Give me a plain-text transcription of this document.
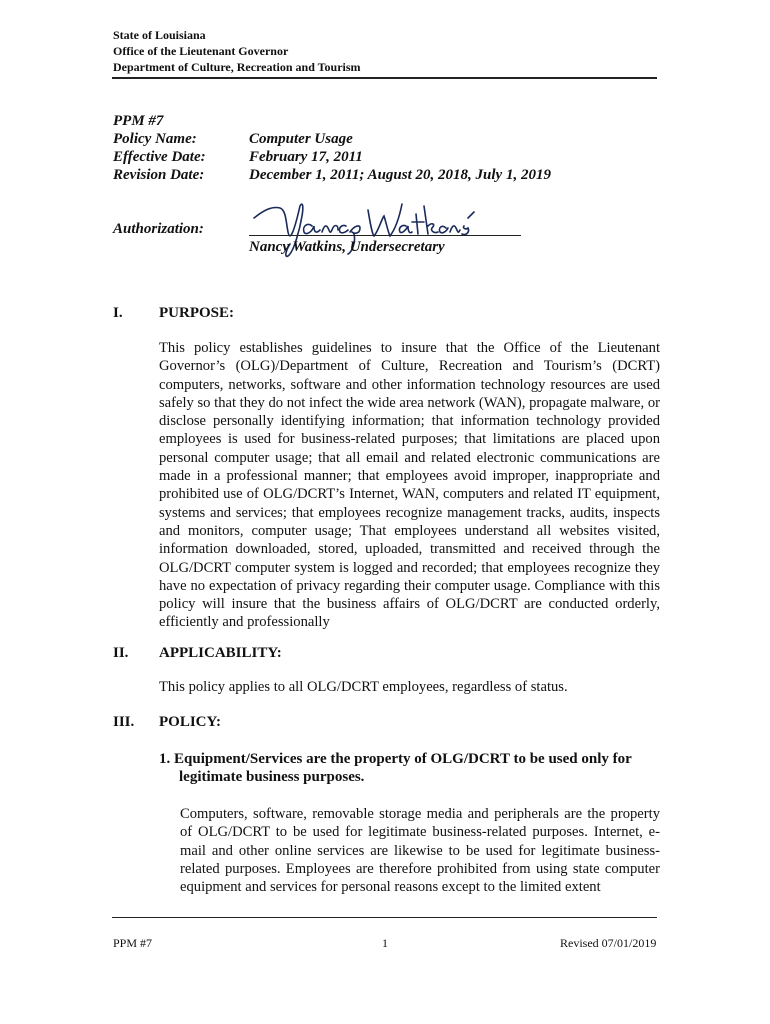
State of Louisiana
Office of the Lieutenant Governor
Department of Culture, Recreation and Tourism
PPM #7
Policy Name:	Computer Usage
Effective Date:	February 17, 2011
Revision Date:	December 1, 2011; August 20, 2018, July 1, 2019
Authorization:
Nancy Watkins, Undersecretary
I. PURPOSE:
This policy establishes guidelines to insure that the Office of the Lieutenant Governor’s (OLG)/Department of Culture, Recreation and Tourism’s (DCRT) computers, networks, software and other information technology resources are used safely so that they do not infect the wide area network (WAN), propagate malware, or disclose personally identifying information; that information technology provided employees is used for business-related purposes; that limitations are placed upon personal computer usage; that all email and related electronic communications are made in a professional manner; that employees avoid improper, inappropriate and prohibited use of OLG/DCRT’s Internet, WAN, computers and related IT equipment, systems and services; that employees recognize management tracks, audits, inspects and monitors, computer usage; That employees understand all websites visited, information downloaded, stored, uploaded, transmitted and received through the OLG/DCRT computer system is logged and recorded; that employees recognize they have no expectation of privacy regarding their computer usage. Compliance with this policy will insure that the business affairs of OLG/DCRT are conducted orderly, efficiently and professionally
II. APPLICABILITY:
This policy applies to all OLG/DCRT employees, regardless of status.
III. POLICY:
1. Equipment/Services are the property of OLG/DCRT to be used only for legitimate business purposes.
Computers, software, removable storage media and peripherals are the property of OLG/DCRT to be used for legitimate business-related purposes. Internet, e-mail and other online services are likewise to be used for legitimate business-related purposes. Employees are therefore prohibited from using state computer equipment and services for personal reasons except to the limited extent
PPM #7	1	Revised 07/01/2019
